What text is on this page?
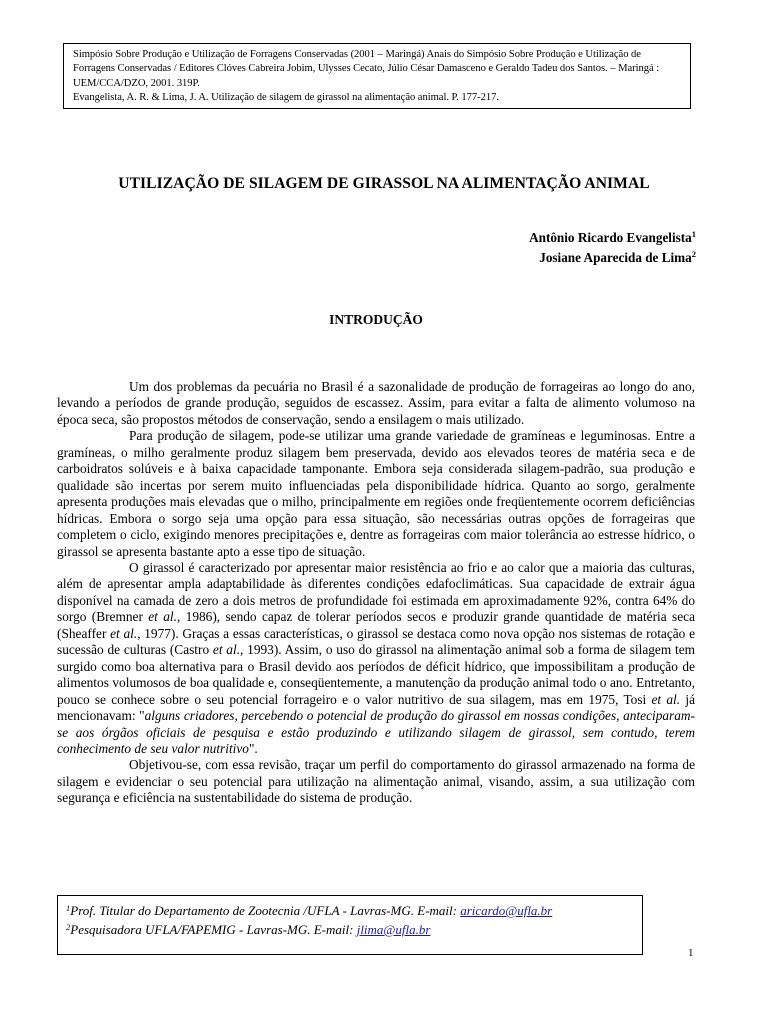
Simpósio Sobre Produção e Utilização de Forragens Conservadas (2001 – Maringá) Anais do Simpósio Sobre Produção e Utilização de Forragens Conservadas / Editores Clóves Cabreira Jobim, Ulysses Cecato, Júlio César Damasceno e Geraldo Tadeu dos Santos. – Maringá : UEM/CCA/DZO, 2001. 319P.

Evangelista, A. R. & Lima, J. A. Utilização de silagem de girassol na alimentação animal. P. 177-217.

UTILIZAÇÃO DE SILAGEM DE GIRASSOL NA ALIMENTAÇÃO ANIMAL
Antônio Ricardo Evangelista$^1$
Josiane Aparecida de Lima$^2$
INTRODUÇÃO

Um dos problemas da pecuária no Brasil é a sazonalidade de produção de forrageiras ao longo do ano, levando a períodos de grande produção, seguidos de escassez. Assim, para evitar a falta de alimento volumoso na época seca, são propostos métodos de conservação, sendo a ensilagem o mais utilizado.

Para produção de silagem, pode-se utilizar uma grande variedade de gramíneas e leguminosas. Entre a gramíneas, o milho geralmente produz silagem bem preservada, devido aos elevados teores de matéria seca e de carboidratos solúveis e à baixa capacidade tamponante. Embora seja considerada silagem-padrão, sua produção e qualidade são incertas por serem muito influenciadas pela disponibilidade hídrica. Quanto ao sorgo, geralmente apresenta produções mais elevadas que o milho, principalmente em regiões onde freqüentemente ocorrem deficiências hídricas. Embora o sorgo seja uma opção para essa situação, são necessárias outras opções de forrageiras que completem o ciclo, exigindo menores precipitações e, dentre as forrageiras com maior tolerância ao estresse hídrico, o girassol se apresenta bastante apto a esse tipo de situação.

O girassol é caracterizado por apresentar maior resistência ao frio e ao calor que a maioria das culturas, além de apresentar ampla adaptabilidade às diferentes condições edafoclimáticas. Sua capacidade de extrair água disponível na camada de zero a dois metros de profundidade foi estimada em aproximadamente 92%, contra 64% do sorgo (Bremner et al., 1986), sendo capaz de tolerar períodos secos e produzir grande quantidade de matéria seca (Sheaffer et al., 1977). Graças a essas características, o girassol se destaca como nova opção nos sistemas de rotação e sucessão de culturas (Castro et al., 1993). Assim, o uso do girassol na alimentação animal sob a forma de silagem tem surgido como boa alternativa para o Brasil devido aos períodos de déficit hídrico, que impossibilitam a produção de alimentos volumosos de boa qualidade e, conseqüentemente, a manutenção da produção animal todo o ano. Entretanto, pouco se conhece sobre o seu potencial forrageiro e o valor nutritivo de sua silagem, mas em 1975, Tosi et al. já mencionavam: "alguns criadores, percebendo o potencial de produção do girassol em nossas condições, anteciparam-se aos órgãos oficiais de pesquisa e estão produzindo e utilizando silagem de girassol, sem contudo, terem conhecimento de seu valor nutritivo".

Objetivou-se, com essa revisão, traçar um perfil do comportamento do girassol armazenado na forma de silagem e evidenciar o seu potencial para utilização na alimentação animal, visando, assim, a sua utilização com segurança e eficiência na sustentabilidade do sistema de produção.

$^1$Prof. Titular do Departamento de Zootecnia /UFLA - Lavras-MG. E-mail: aricardo@ufla.br

$^2$Pesquisadora UFLA/FAPEMIG - Lavras-MG. E-mail: jlima@ufla.br

1
